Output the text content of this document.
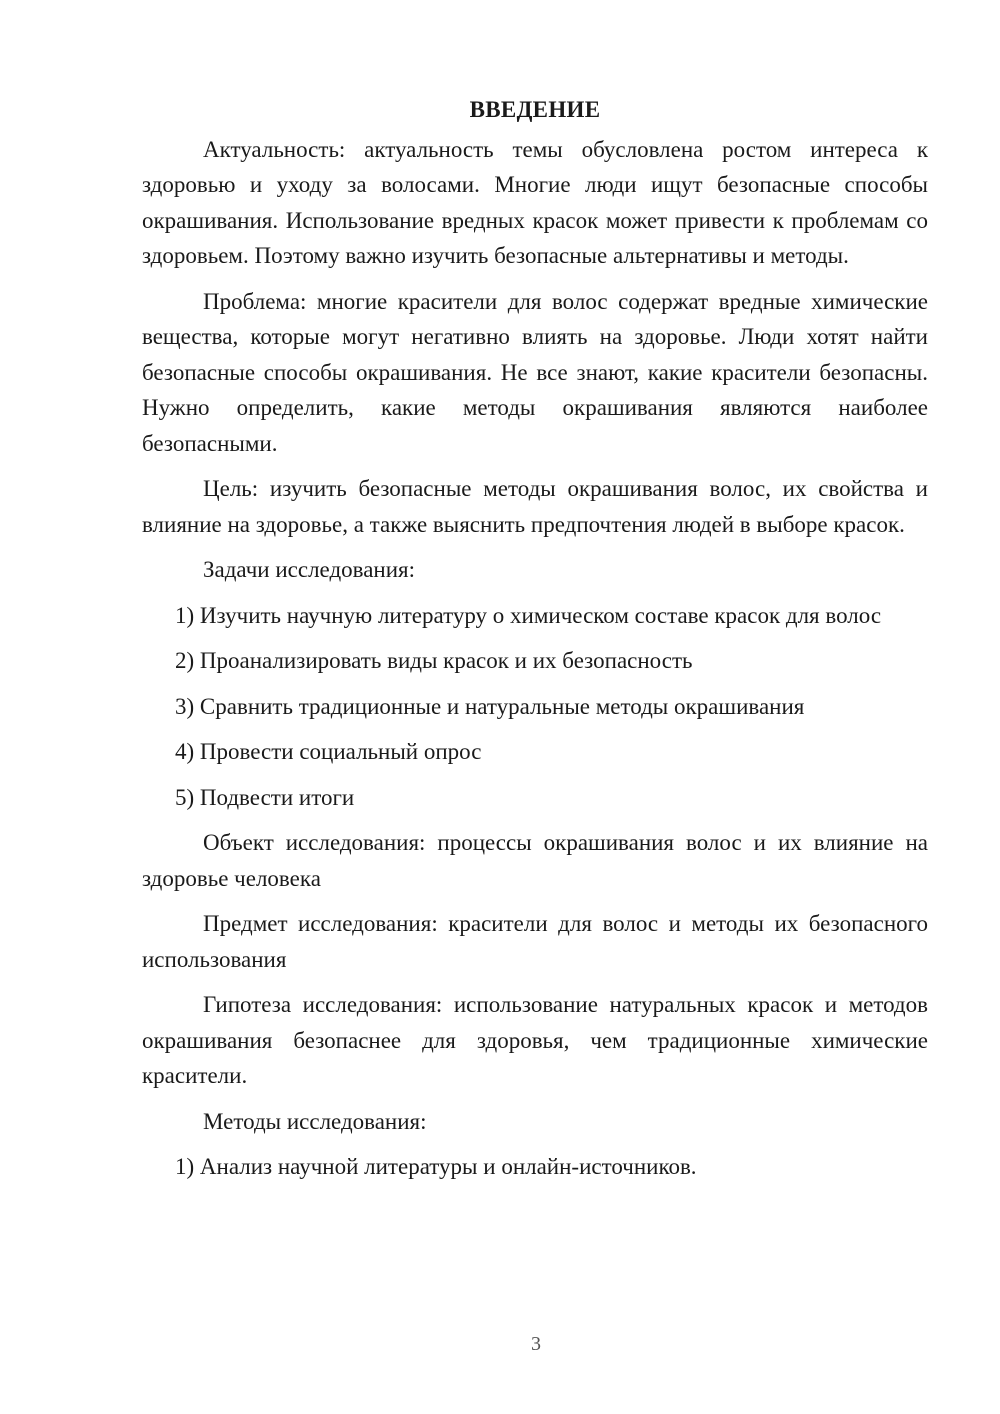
ВВЕДЕНИЕ

Актуальность: актуальность темы обусловлена ростом интереса к здоровью и уходу за волосами. Многие люди ищут безопасные способы окрашивания. Использование вредных красок может привести к проблемам со здоровьем. Поэтому важно изучить безопасные альтернативы и методы.

Проблема: многие красители для волос содержат вредные химические вещества, которые могут негативно влиять на здоровье. Люди хотят найти безопасные способы окрашивания. Не все знают, какие красители безопасны. Нужно определить, какие методы окрашивания являются наиболее безопасными.

Цель: изучить безопасные методы окрашивания волос, их свойства и влияние на здоровье, а также выяснить предпочтения людей в выборе красок.

Задачи исследования:

1) Изучить научную литературу о химическом составе красок для волос

2) Проанализировать виды красок и их безопасность

3) Сравнить традиционные и натуральные методы окрашивания

4) Провести социальный опрос

5) Подвести итоги

Объект исследования: процессы окрашивания волос и их влияние на здоровье человека

Предмет исследования: красители для волос и методы их безопасного использования

Гипотеза исследования: использование натуральных красок и методов окрашивания безопаснее для здоровья, чем традиционные химические красители.

Методы исследования:

1) Анализ научной литературы и онлайн-источников.

3
